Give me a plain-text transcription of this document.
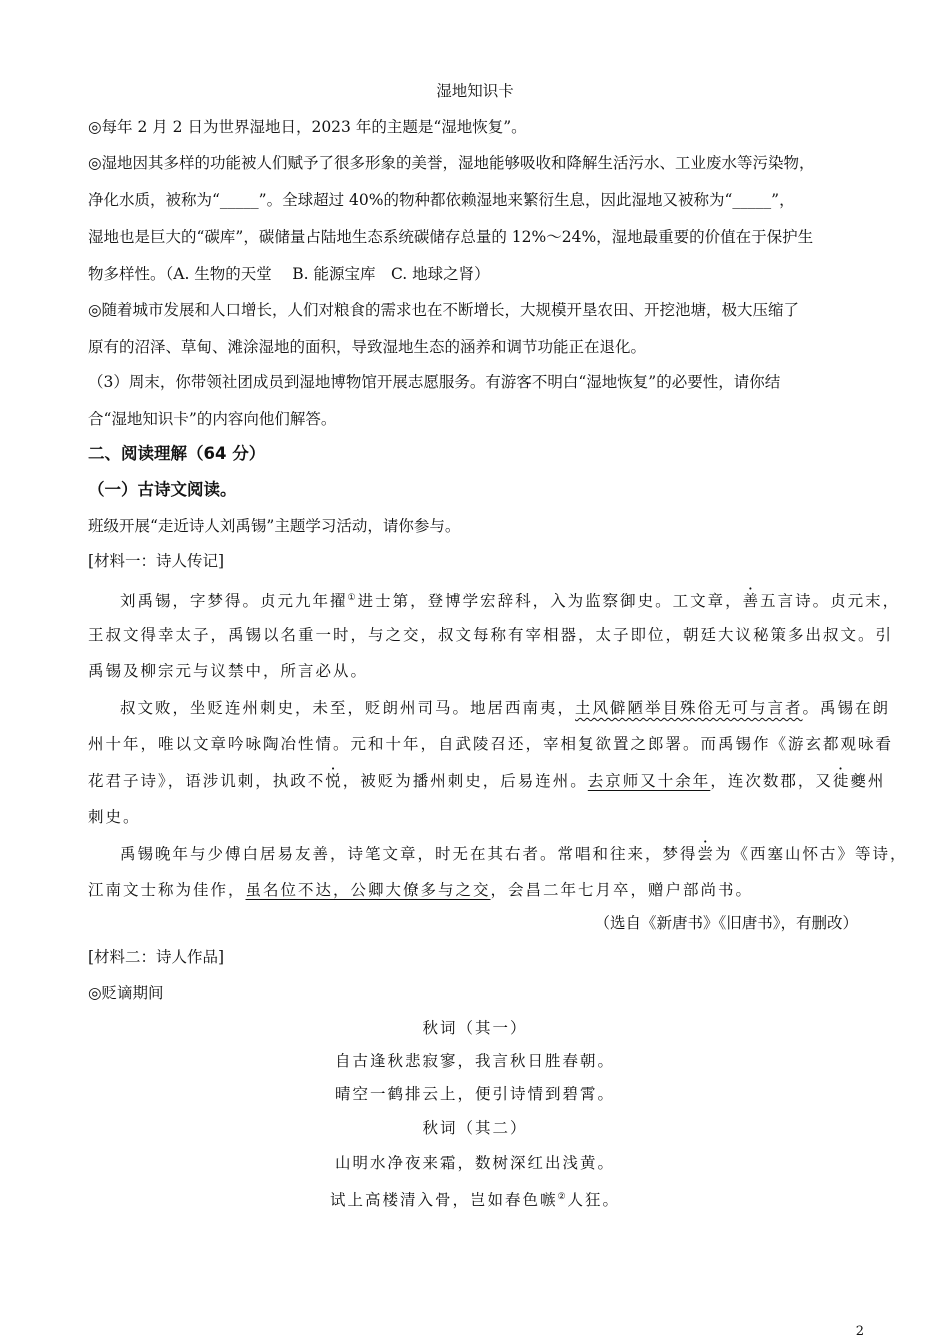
湿地知识卡
◎每年 2 月 2 日为世界湿地日，2023 年的主题是“湿地恢复”。
◎湿地因其多样的功能被人们赋予了很多形象的美誉，湿地能够吸收和降解生活污水、工业废水等污染物，
净化水质，被称为“_____”。全球超过 40%的物种都依赖湿地来繁衍生息，因此湿地又被称为“_____”，
湿地也是巨大的“碳库”，碳储量占陆地生态系统碳储存总量的 12%～24%，湿地最重要的价值在于保护生
物多样性。（A. 生物的天堂　 B. 能源宝库　C. 地球之肾）
◎随着城市发展和人口增长，人们对粮食的需求也在不断增长，大规模开垦农田、开挖池塘，极大压缩了
原有的沼泽、草甸、滩涂湿地的面积，导致湿地生态的涵养和调节功能正在退化。
（3）周末，你带领社团成员到湿地博物馆开展志愿服务。有游客不明白“湿地恢复”的必要性，请你结
合“湿地知识卡”的内容向他们解答。
二、阅读理解（64 分）
（一）古诗文阅读。
班级开展“走近诗人刘禹锡”主题学习活动，请你参与。
[材料一：诗人传记]
刘禹锡，字梦得。贞元九年擢①进士第，登博学宏辞科，入为监察御史。工文章，善五言诗。贞元末，
王叔文得幸太子，禹锡以名重一时，与之交，叔文每称有宰相器，太子即位，朝廷大议秘策多出叔文。引
禹锡及柳宗元与议禁中，所言必从。
叔文败，坐贬连州刺史，未至，贬朗州司马。地居西南夷，土风僻陋举目殊俗无可与言者。禹锡在朗
州十年，唯以文章吟咏陶冶性情。元和十年，自武陵召还，宰相复欲置之郎署。而禹锡作《游玄都观咏看
花君子诗》，语涉讥刺，执政不悦，被贬为播州刺史，后易连州。去京师又十余年，连次数郡，又徙夔州
刺史。
禹锡晚年与少傅白居易友善，诗笔文章，时无在其右者。常唱和往来，梦得尝为《西塞山怀古》等诗，
江南文士称为佳作，虽名位不达，公卿大僚多与之交，会昌二年七月卒，赠户部尚书。
（选自《新唐书》《旧唐书》，有删改）
[材料二：诗人作品]
◎贬谪期间
秋词（其一）
自古逢秋悲寂寥，我言秋日胜春朝。
晴空一鹤排云上，便引诗情到碧霄。
秋词（其二）
山明水净夜来霜，数树深红出浅黄。
试上高楼清入骨，岂如春色嗾②人狂。
2
